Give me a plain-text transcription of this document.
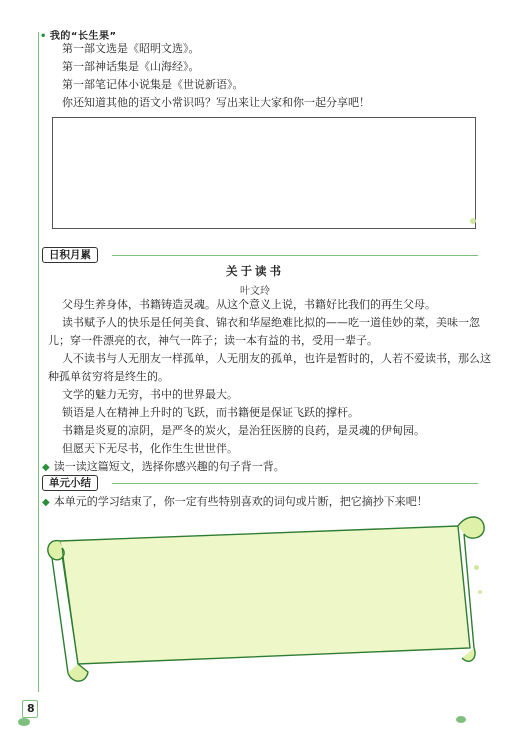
• 我的“长生果”
第一部文选是《昭明文选》。
第一部神话集是《山海经》。
第一部笔记体小说集是《世说新语》。
你还知道其他的语文小常识吗？写出来让大家和你一起分享吧！
日积月累
关于读书
叶文玲
父母生养身体，书籍铸造灵魂。从这个意义上说，书籍好比我们的再生父母。
读书赋予人的快乐是任何美食、锦衣和华屋绝难比拟的——吃一道佳妙的菜，美味一忽
儿；穿一件漂亮的衣，神气一阵子；读一本有益的书，受用一辈子。
人不读书与人无朋友一样孤单，人无朋友的孤单，也许是暂时的，人若不爱读书，那么这
种孤单贫穷将是终生的。
文学的魅力无穷，书中的世界最大。
锁语是人在精神上升时的飞跃，而书籍便是保证飞跃的撑杆。
书籍是炎夏的凉阴，是严冬的炭火，是治狂医膀的良药，是灵魂的伊甸园。
但愿天下无尽书，化作生生世世伴。
◆ 读一读这篇短文，选择你感兴趣的句子背一背。
单元小结
◆ 本单元的学习结束了，你一定有些特别喜欢的词句或片断，把它摘抄下来吧！
8
